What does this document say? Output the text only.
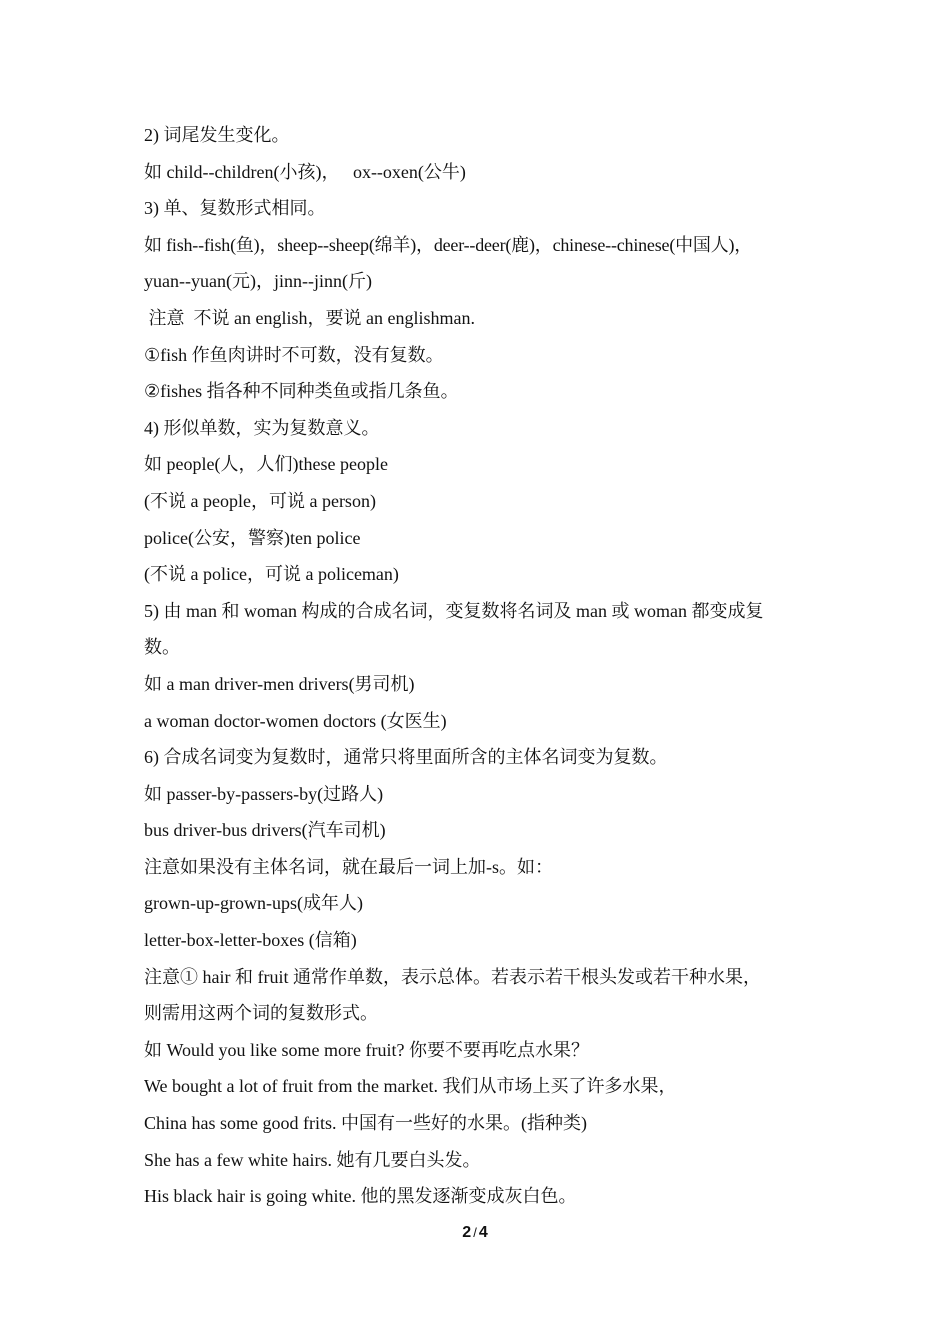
2) 词尾发生变化。
如 child--children(小孩)，   ox--oxen(公牛)
3) 单、复数形式相同。
如 fish--fish(鱼)，sheep--sheep(绵羊)，deer--deer(鹿)，chinese--chinese(中国人)，
yuan--yuan(元)，jinn--jinn(斤)
注意  不说 an english，要说 an englishman.
①fish 作鱼肉讲时不可数，没有复数。
②fishes 指各种不同种类鱼或指几条鱼。
4) 形似单数，实为复数意义。
如 people(人，人们)these people
(不说 a people，可说 a person)
police(公安，警察)ten police
(不说 a police，可说 a policeman)
5) 由 man 和 woman 构成的合成名词，变复数将名词及 man 或 woman 都变成复
数。
如 a man driver-men drivers(男司机)
a woman doctor-women doctors (女医生)
6) 合成名词变为复数时，通常只将里面所含的主体名词变为复数。
如 passer-by-passers-by(过路人)
bus driver-bus drivers(汽车司机)
注意如果没有主体名词，就在最后一词上加-s。如：
grown-up-grown-ups(成年人)
letter-box-letter-boxes (信箱)
注意① hair 和 fruit 通常作单数，表示总体。若表示若干根头发或若干种水果，
则需用这两个词的复数形式。
如 Would you like some more fruit? 你要不要再吃点水果？
We bought a lot of fruit from the market. 我们从市场上买了许多水果，
China has some good frits. 中国有一些好的水果。(指种类)
She has a few white hairs. 她有几要白头发。
His black hair is going white. 他的黑发逐渐变成灰白色。
2 / 4
